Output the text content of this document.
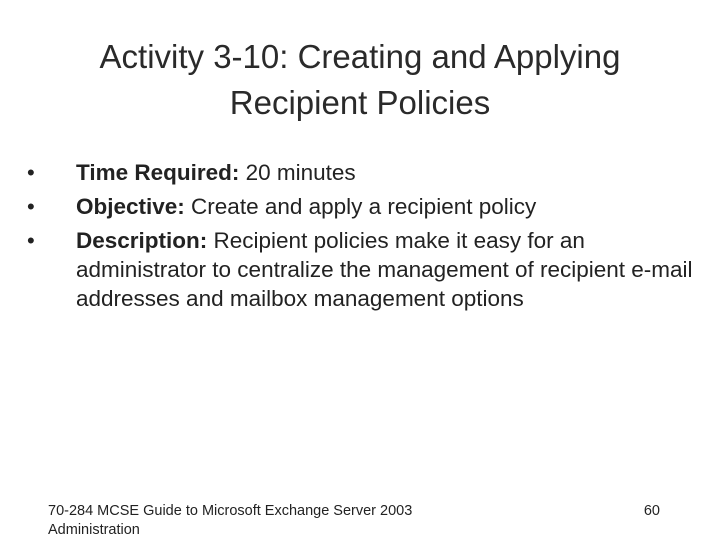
Activity 3-10: Creating and Applying
Recipient Policies
•	Time Required: 20 minutes
•	Objective: Create and apply a recipient policy
•	Description: Recipient policies make it easy for an administrator to centralize the management of recipient e-mail addresses and mailbox management options
70-284 MCSE Guide to Microsoft Exchange Server 2003 Administration
60
